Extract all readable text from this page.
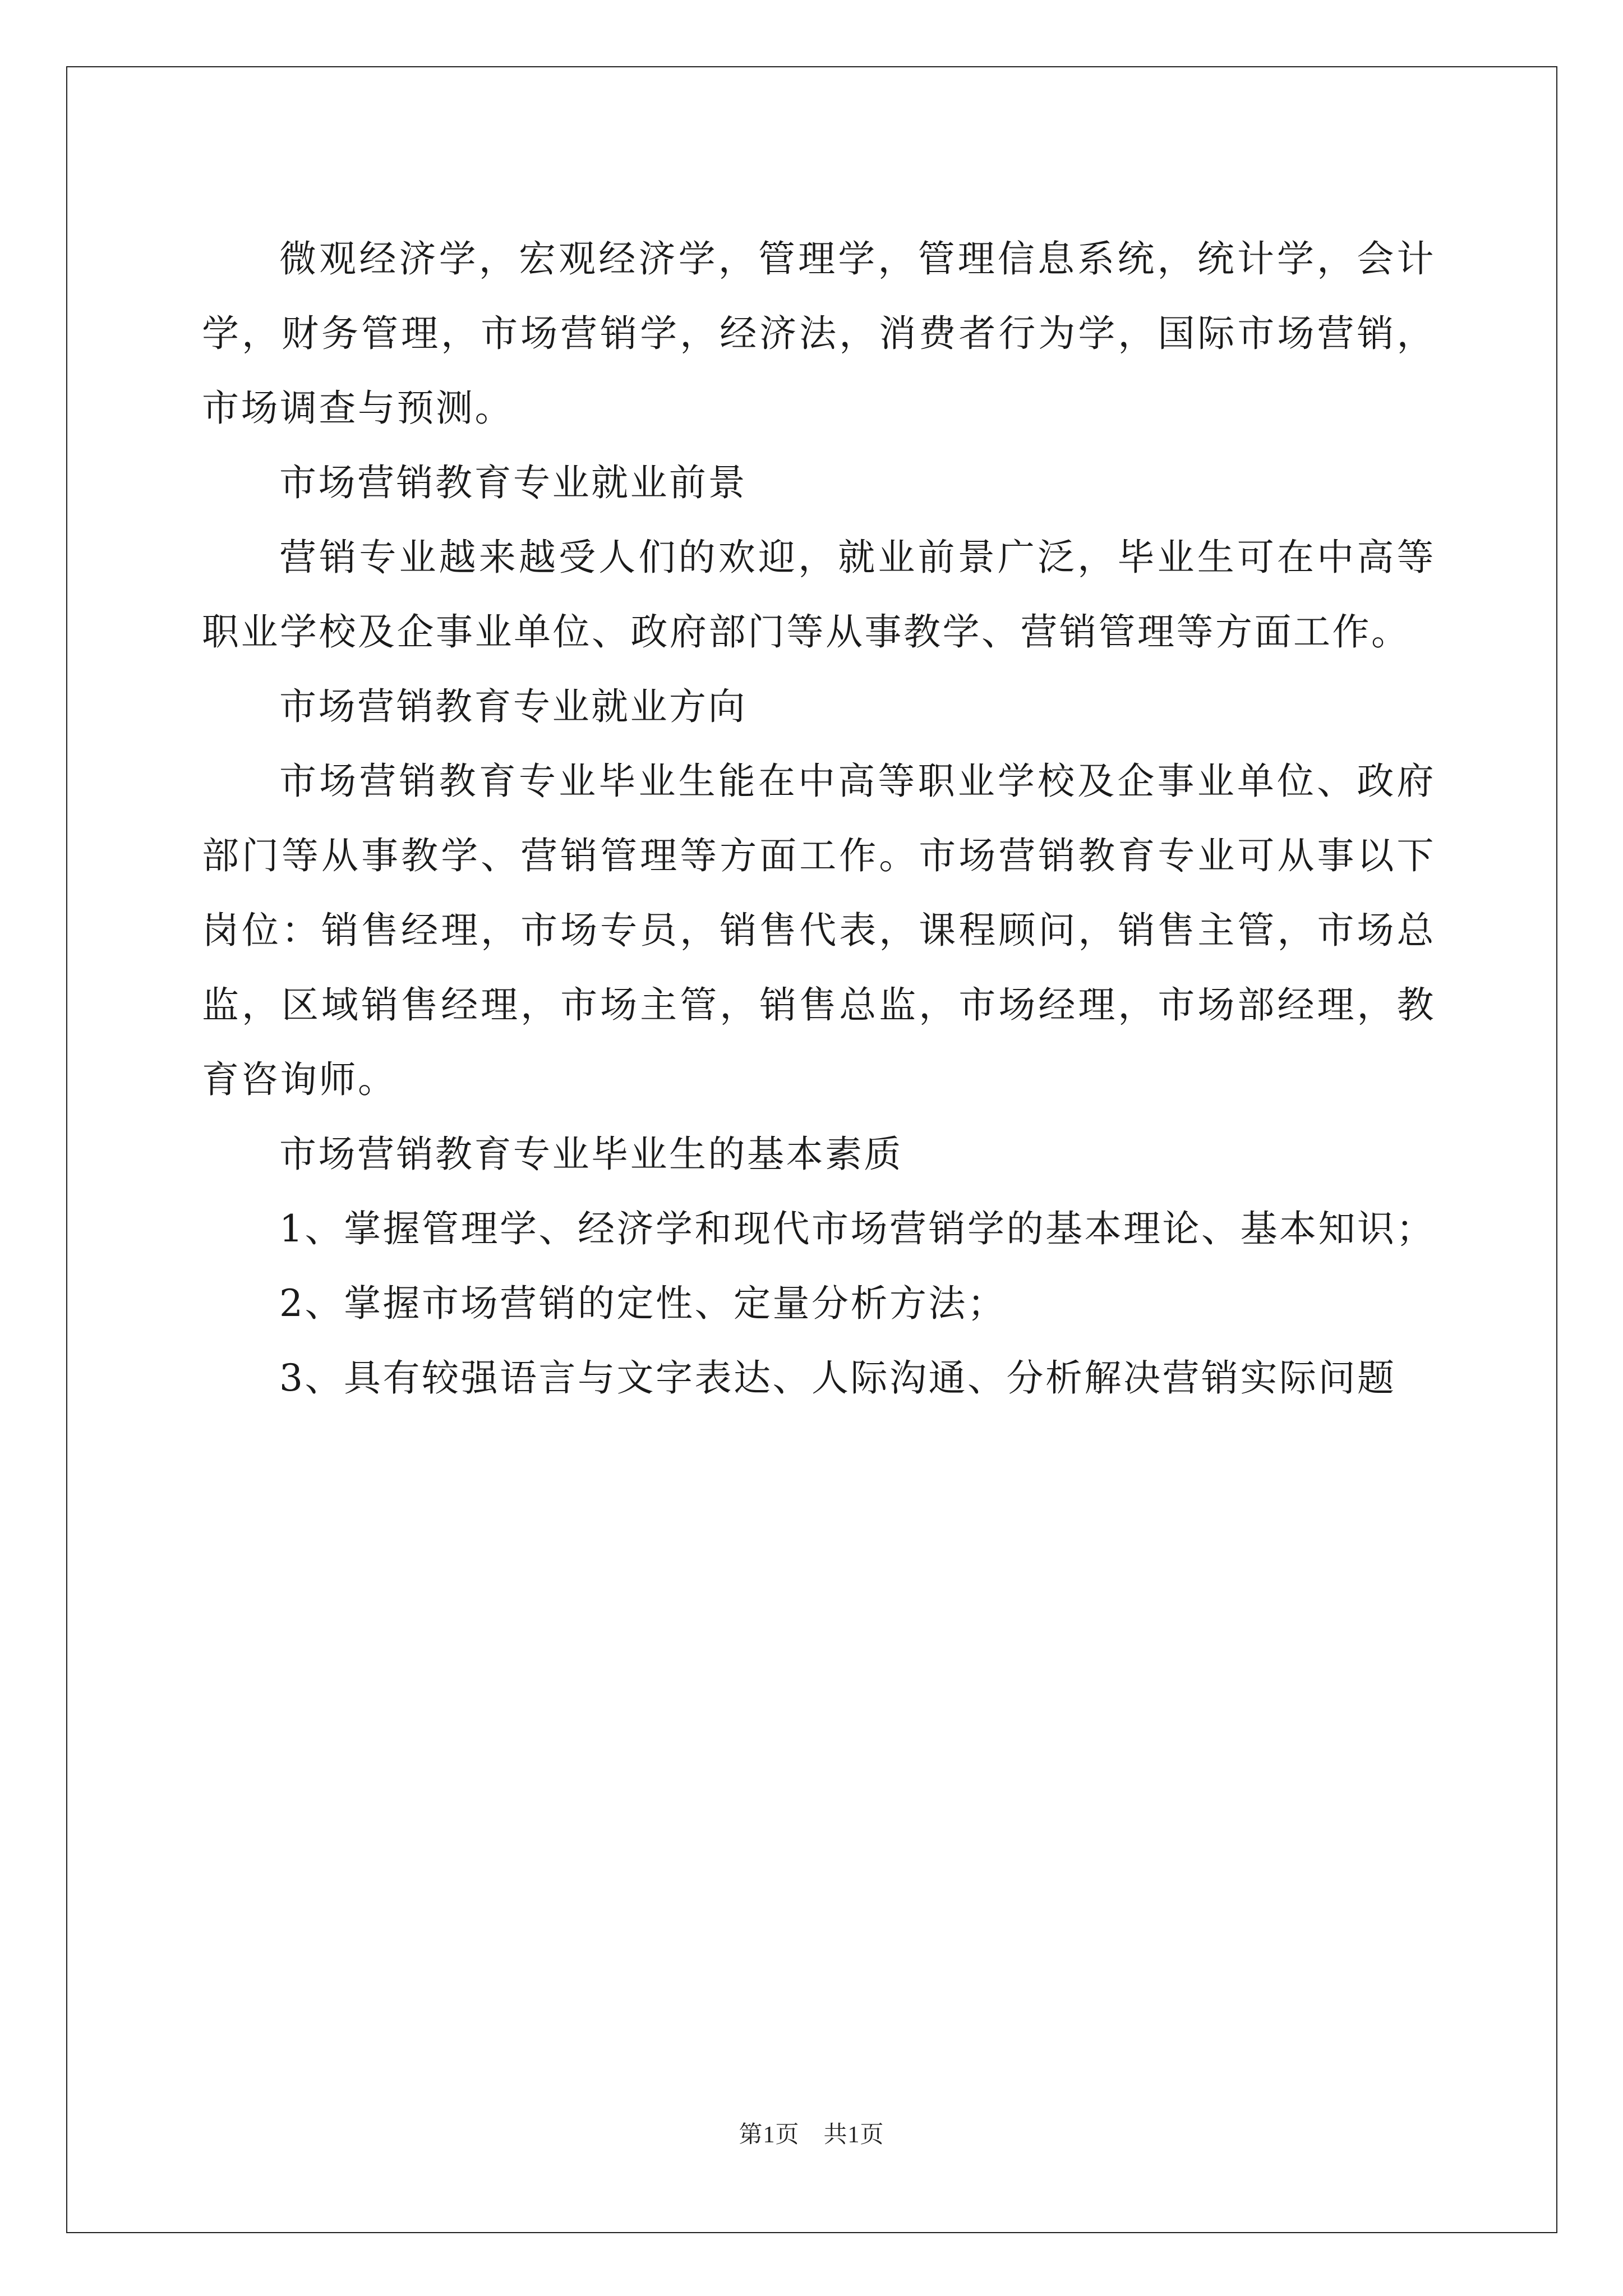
微观经济学，宏观经济学，管理学，管理信息系统，统计学，会计学，财务管理，市场营销学，经济法，消费者行为学，国际市场营销，市场调查与预测。

市场营销教育专业就业前景

营销专业越来越受人们的欢迎，就业前景广泛，毕业生可在中高等职业学校及企事业单位、政府部门等从事教学、营销管理等方面工作。

市场营销教育专业就业方向

市场营销教育专业毕业生能在中高等职业学校及企事业单位、政府部门等从事教学、营销管理等方面工作。市场营销教育专业可从事以下岗位：销售经理，市场专员，销售代表，课程顾问，销售主管，市场总监，区域销售经理，市场主管，销售总监，市场经理，市场部经理，教育咨询师。

市场营销教育专业毕业生的基本素质

1、掌握管理学、经济学和现代市场营销学的基本理论、基本知识；

2、掌握市场营销的定性、定量分析方法；

3、具有较强语言与文字表达、人际沟通、分析解决营销实际问题

第1页　共1页
